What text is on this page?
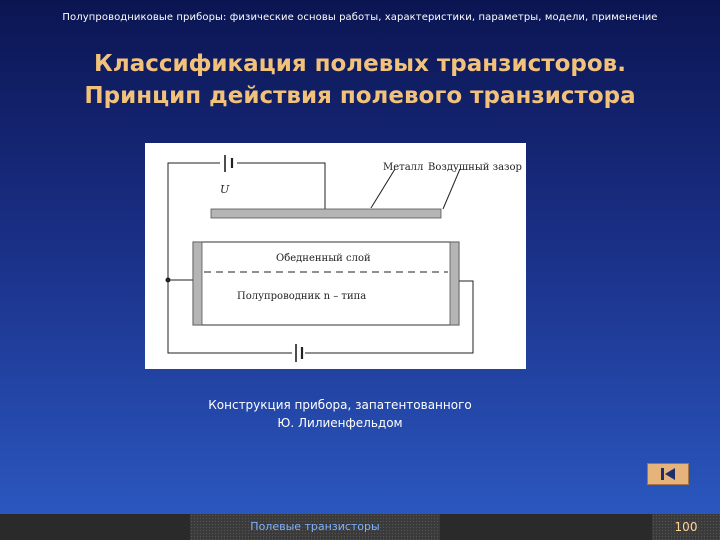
Полупроводниковые приборы: физические основы работы, характеристики, параметры, модели, применение
Классификация полевых транзисторов.
Принцип действия полевого транзистора
U
Металл Воздушный зазор
Обедненный слой
Полупроводник n – типа
Конструкция прибора, запатентованного
Ю. Лилиенфельдом
Полевые транзисторы	100
